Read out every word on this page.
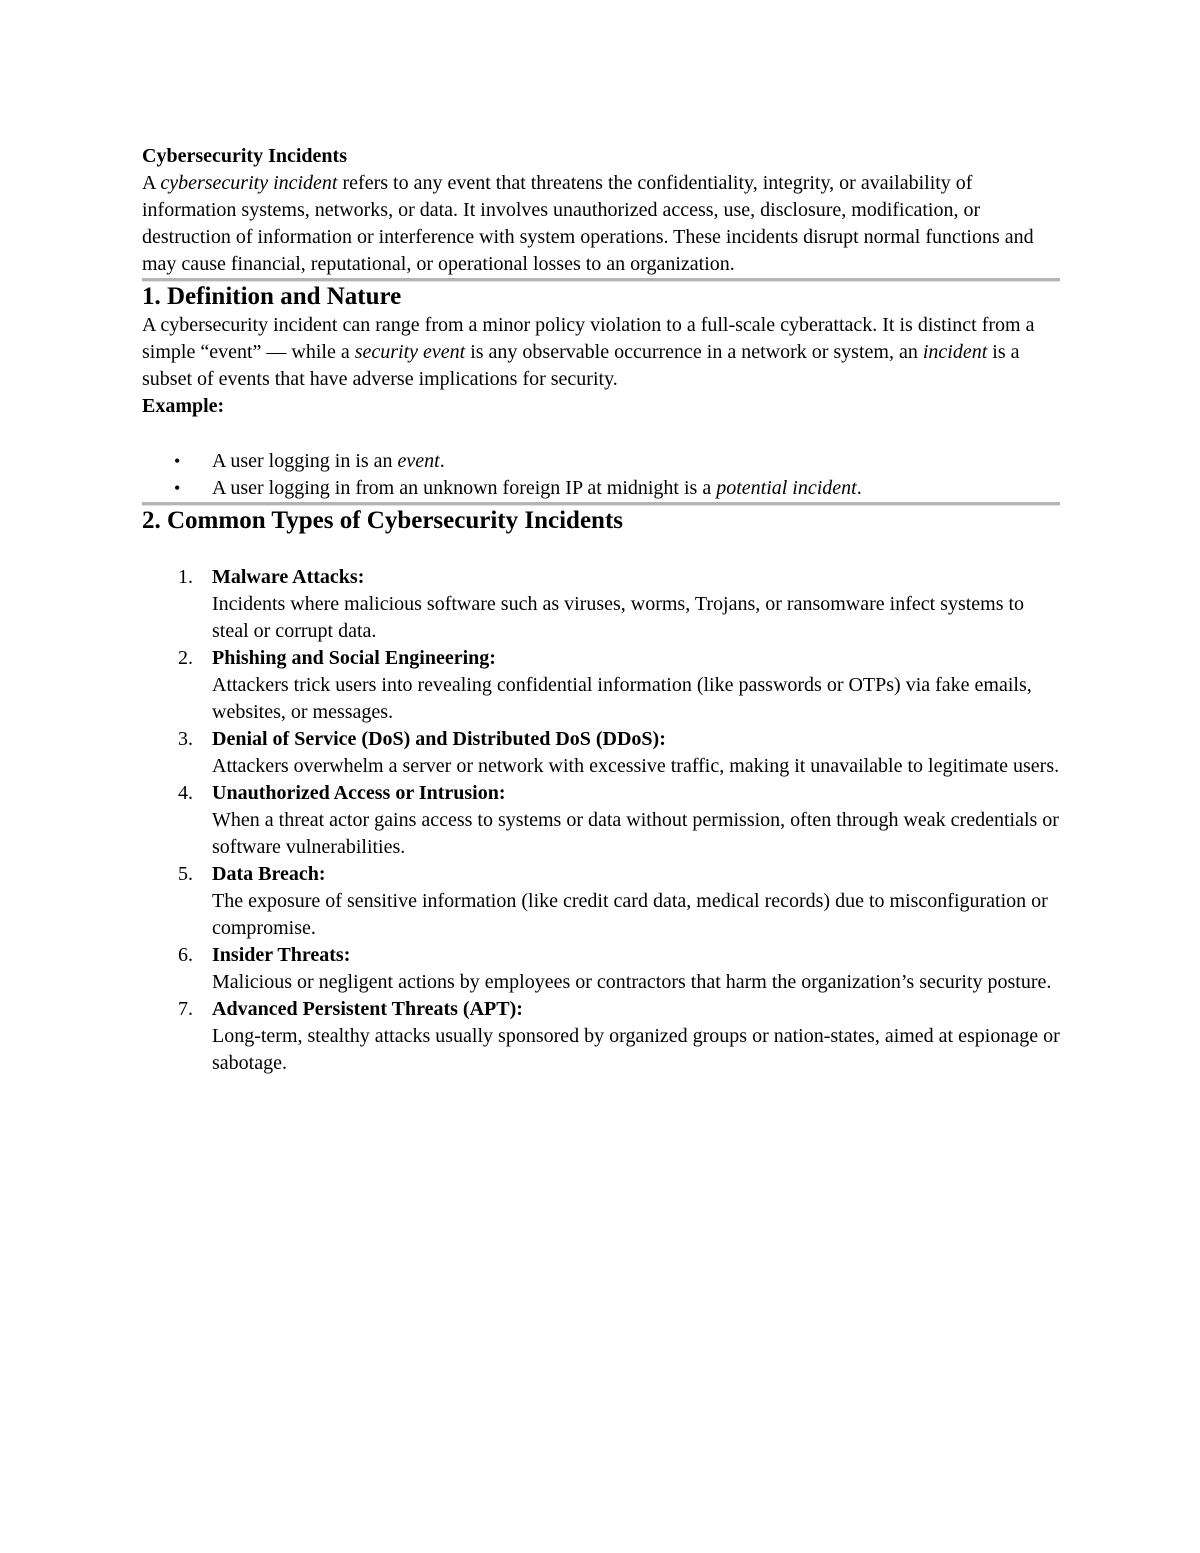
Cybersecurity Incidents

A cybersecurity incident refers to any event that threatens the confidentiality, integrity, or availability of information systems, networks, or data. It involves unauthorized access, use, disclosure, modification, or destruction of information or interference with system operations. These incidents disrupt normal functions and may cause financial, reputational, or operational losses to an organization.

1. Definition and Nature

A cybersecurity incident can range from a minor policy violation to a full-scale cyberattack. It is distinct from a simple “event” — while a security event is any observable occurrence in a network or system, an incident is a subset of events that have adverse implications for security.

Example:

• A user logging in is an event.
• A user logging in from an unknown foreign IP at midnight is a potential incident.
2. Common Types of Cybersecurity Incidents
1. Malware Attacks:
Incidents where malicious software such as viruses, worms, Trojans, or ransomware infect systems to steal or corrupt data.
2. Phishing and Social Engineering:
Attackers trick users into revealing confidential information (like passwords or OTPs) via fake emails, websites, or messages.
3. Denial of Service (DoS) and Distributed DoS (DDoS):
Attackers overwhelm a server or network with excessive traffic, making it unavailable to legitimate users.
4. Unauthorized Access or Intrusion:
When a threat actor gains access to systems or data without permission, often through weak credentials or software vulnerabilities.
5. Data Breach:
The exposure of sensitive information (like credit card data, medical records) due to misconfiguration or compromise.
6. Insider Threats:
Malicious or negligent actions by employees or contractors that harm the organization’s security posture.
7. Advanced Persistent Threats (APT):
Long-term, stealthy attacks usually sponsored by organized groups or nation-states, aimed at espionage or sabotage.
